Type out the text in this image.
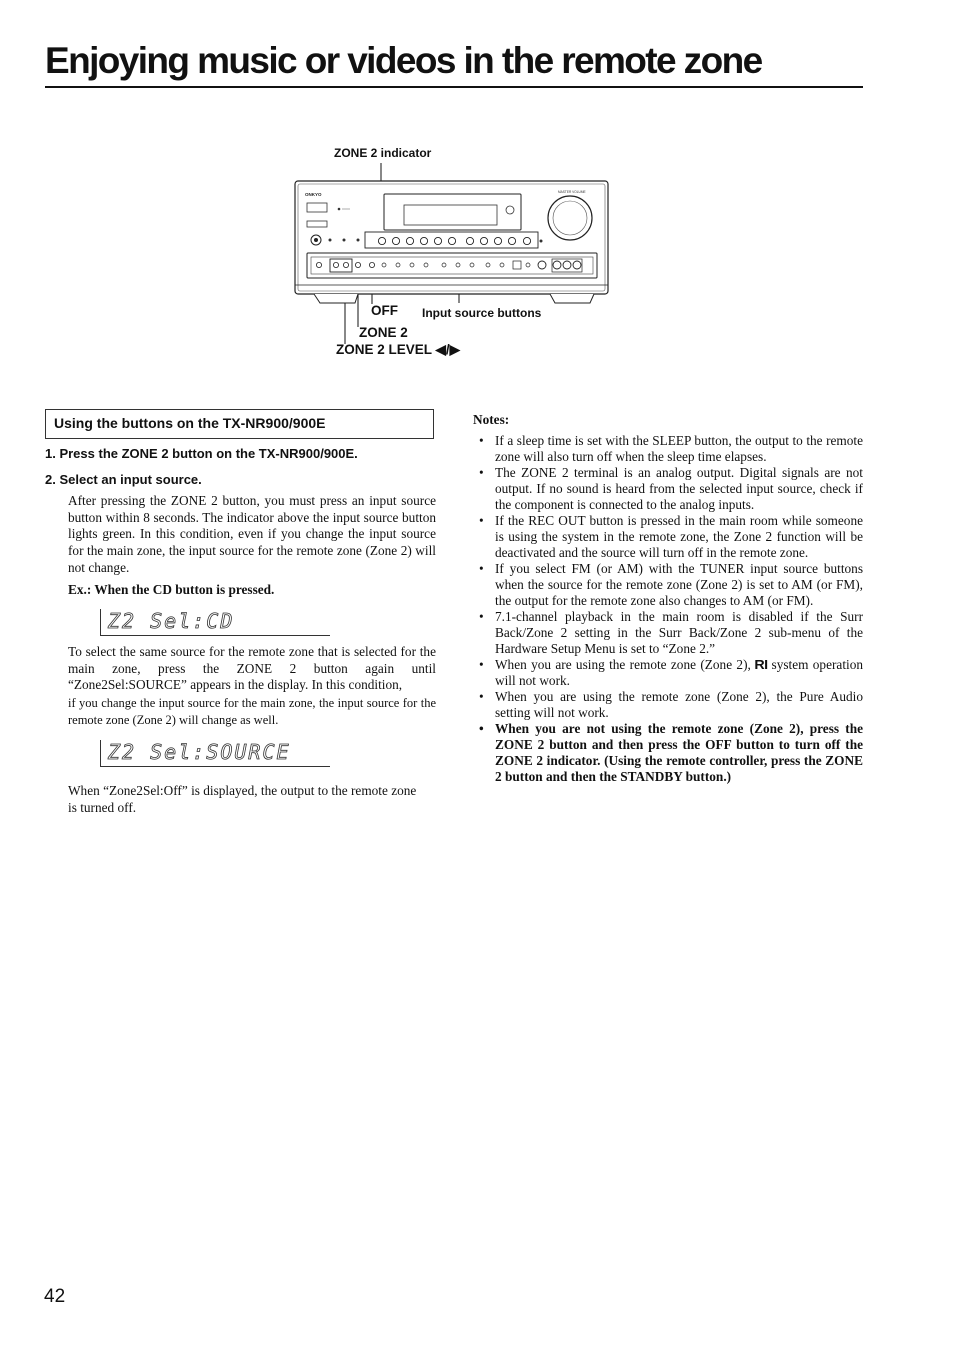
Enjoying music or videos in the remote zone
ZONE 2 indicator
OFF Input source buttons
ZONE 2
ZONE 2 LEVEL ◀/▶
ONKYO	MASTER VOLUME
Using the buttons on the TX-NR900/900E
1. Press the ZONE 2 button on the TX-NR900/900E.
2. Select an input source.
After pressing the ZONE 2 button, you must press an input source button within 8 seconds. The indicator above the input source button lights green. In this condition, even if you change the input source for the main zone, the input source for the remote zone (Zone 2) will not change.
Ex.: When the CD button is pressed.
Z2 Sel:CD
To select the same source for the remote zone that is selected for the main zone, press the ZONE 2 button again until “Zone2Sel:SOURCE” appears in the display. In this condition,
if you change the input source for the main zone, the input source for the remote zone (Zone 2) will change as well.
Z2 Sel:SOURCE
When “Zone2Sel:Off” is displayed, the output to the remote zone is turned off.
Notes:
• If a sleep time is set with the SLEEP button, the output to the remote zone will also turn off when the sleep time elapses.
• The ZONE 2 terminal is an analog output. Digital signals are not output. If no sound is heard from the selected input source, check if the component is connected to the analog inputs.
• If the REC OUT button is pressed in the main room while someone is using the system in the remote zone, the Zone 2 function will be deactivated and the source will turn off in the remote zone.
• If you select FM (or AM) with the TUNER input source buttons when the source for the remote zone (Zone 2) is set to AM (or FM), the output for the remote zone also changes to AM (or FM).
• 7.1-channel playback in the main room is disabled if the Surr Back/Zone 2 setting in the Surr Back/Zone 2 sub-menu of the Hardware Setup Menu is set to “Zone 2.”
• When you are using the remote zone (Zone 2), RI system operation will not work.
• When you are using the remote zone (Zone 2), the Pure Audio setting will not work.
• When you are not using the remote zone (Zone 2), press the ZONE 2 button and then press the OFF button to turn off the ZONE 2 indicator. (Using the remote controller, press the ZONE 2 button and then the STANDBY button.)
42
